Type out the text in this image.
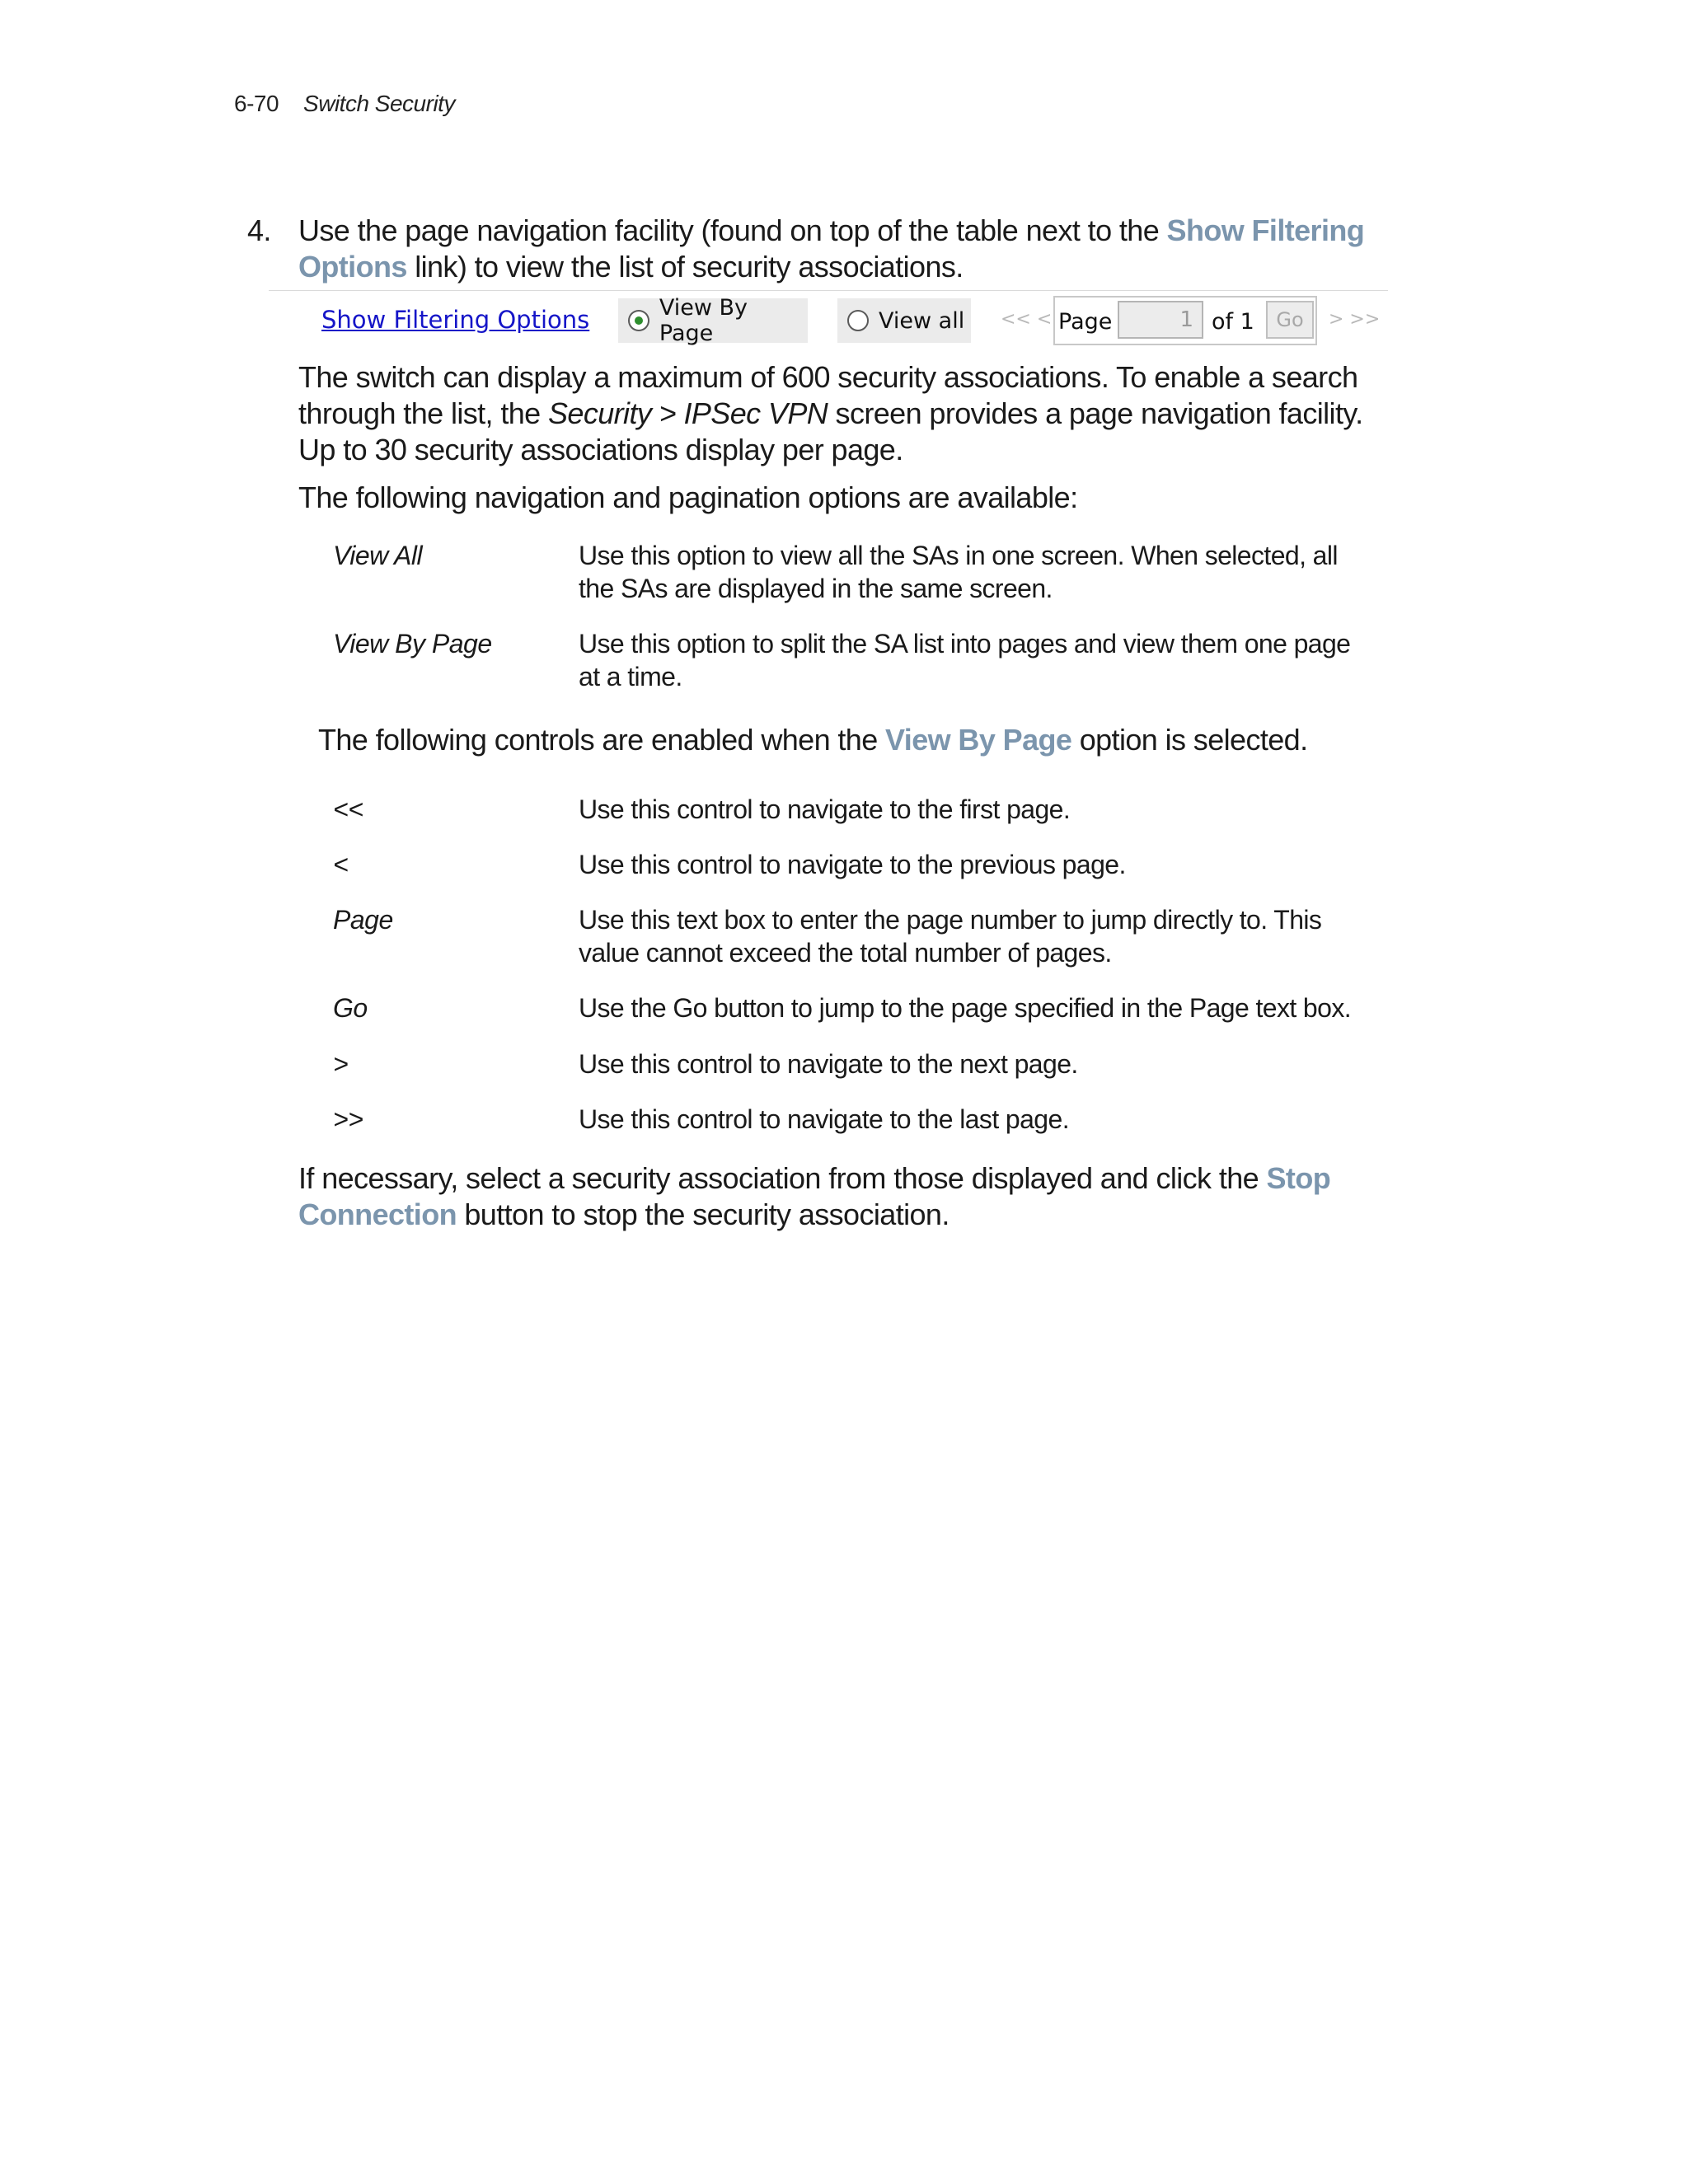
6-70 Switch Security
4. Use the page navigation facility (found on top of the table next to the Show Filtering Options link) to view the list of security associations.
Show Filtering Options	View By Page	View all << < Page
1	of 1	Go	> >>
The switch can display a maximum of 600 security associations. To enable a search through the list, the Security > IPSec VPN screen provides a page navigation facility. Up to 30 security associations display per page.
The following navigation and pagination options are available:
View All	Use this option to view all the SAs in one screen. When selected, all the SAs are displayed in the same screen.
View By Page	Use this option to split the SA list into pages and view them one page at a time.
The following controls are enabled when the View By Page option is selected.
<<	Use this control to navigate to the first page.
<	Use this control to navigate to the previous page.
Page	Use this text box to enter the page number to jump directly to. This value cannot exceed the total number of pages.
Go	Use the Go button to jump to the page specified in the Page text box.
>	Use this control to navigate to the next page.
>>	Use this control to navigate to the last page.
If necessary, select a security association from those displayed and click the Stop Connection button to stop the security association.
